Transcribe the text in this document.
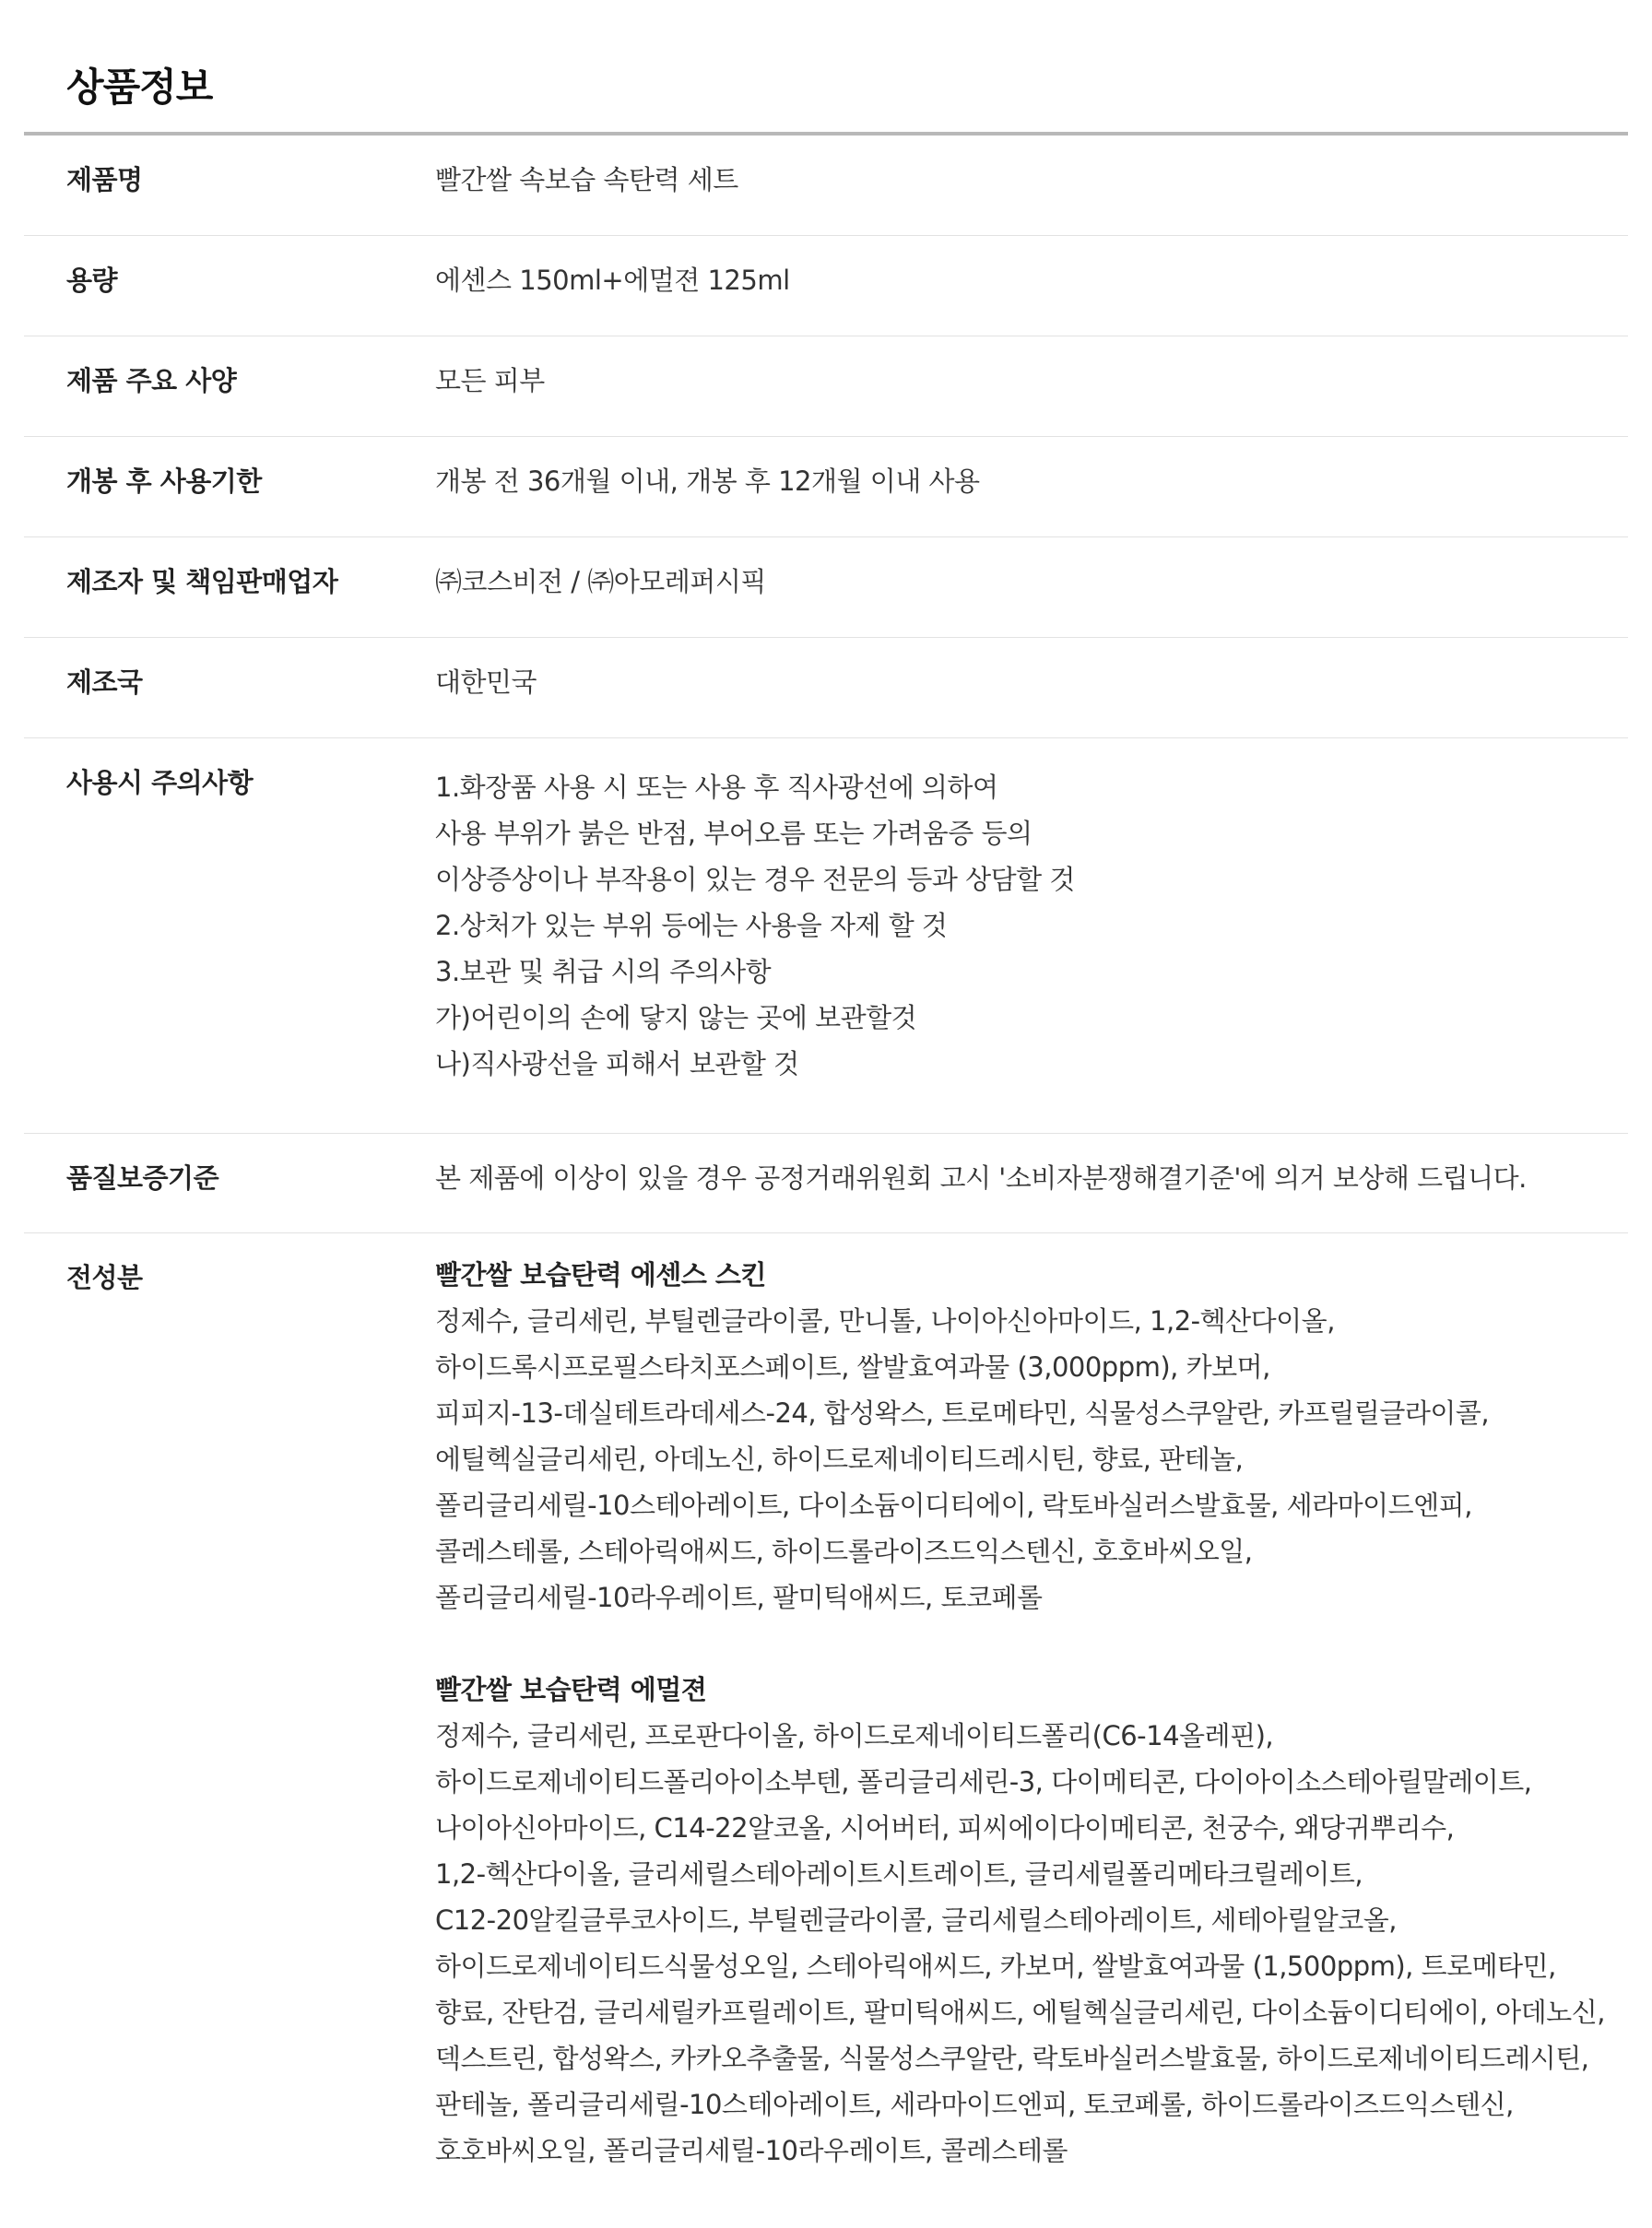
상품정보
제품명	빨간쌀 속보습 속탄력 세트
용량	에센스 150ml+에멀젼 125ml
제품 주요 사양	모든 피부
개봉 후 사용기한	개봉 전 36개월 이내, 개봉 후 12개월 이내 사용
제조자 및 책임판매업자	㈜코스비전 / ㈜아모레퍼시픽
제조국	대한민국
사용시 주의사항	1.화장품 사용 시 또는 사용 후 직사광선에 의하여
사용 부위가 붉은 반점, 부어오름 또는 가려움증 등의
이상증상이나 부작용이 있는 경우 전문의 등과 상담할 것
2.상처가 있는 부위 등에는 사용을 자제 할 것
3.보관 및 취급 시의 주의사항
가)어린이의 손에 닿지 않는 곳에 보관할것
나)직사광선을 피해서 보관할 것
품질보증기준	본 제품에 이상이 있을 경우 공정거래위원회 고시 '소비자분쟁해결기준'에 의거 보상해 드립니다.
전성분	빨간쌀 보습탄력 에센스 스킨
정제수, 글리세린, 부틸렌글라이콜, 만니톨, 나이아신아마이드, 1,2-헥산다이올,
하이드록시프로필스타치포스페이트, 쌀발효여과물 (3,000ppm), 카보머,
피피지-13-데실테트라데세스-24, 합성왁스, 트로메타민, 식물성스쿠알란, 카프릴릴글라이콜,
에틸헥실글리세린, 아데노신, 하이드로제네이티드레시틴, 향료, 판테놀,
폴리글리세릴-10스테아레이트, 다이소듐이디티에이, 락토바실러스발효물, 세라마이드엔피,
콜레스테롤, 스테아릭애씨드, 하이드롤라이즈드익스텐신, 호호바씨오일,
폴리글리세릴-10라우레이트, 팔미틱애씨드, 토코페롤
빨간쌀 보습탄력 에멀젼
정제수, 글리세린, 프로판다이올, 하이드로제네이티드폴리(C6-14올레핀),
하이드로제네이티드폴리아이소부텐, 폴리글리세린-3, 다이메티콘, 다이아이소스테아릴말레이트,
나이아신아마이드, C14-22알코올, 시어버터, 피씨에이다이메티콘, 천궁수, 왜당귀뿌리수,
1,2-헥산다이올, 글리세릴스테아레이트시트레이트, 글리세릴폴리메타크릴레이트,
C12-20알킬글루코사이드, 부틸렌글라이콜, 글리세릴스테아레이트, 세테아릴알코올,
하이드로제네이티드식물성오일, 스테아릭애씨드, 카보머, 쌀발효여과물 (1,500ppm), 트로메타민,
향료, 잔탄검, 글리세릴카프릴레이트, 팔미틱애씨드, 에틸헥실글리세린, 다이소듐이디티에이, 아데노신,
덱스트린, 합성왁스, 카카오추출물, 식물성스쿠알란, 락토바실러스발효물, 하이드로제네이티드레시틴,
판테놀, 폴리글리세릴-10스테아레이트, 세라마이드엔피, 토코페롤, 하이드롤라이즈드익스텐신,
호호바씨오일, 폴리글리세릴-10라우레이트, 콜레스테롤
